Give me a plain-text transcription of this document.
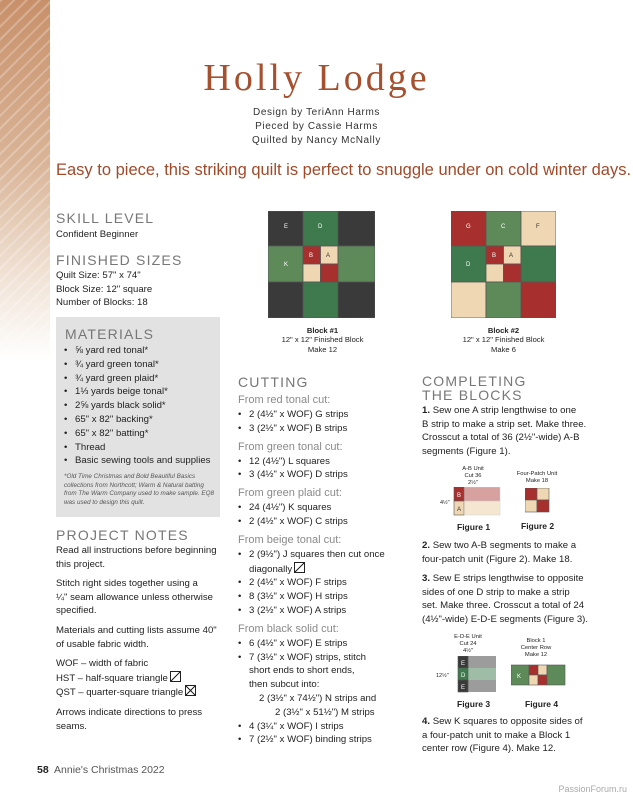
Holly Lodge
Design by TeriAnn Harms
Pieced by Cassie Harms
Quilted by Nancy McNally
Easy to piece, this striking quilt is perfect to snuggle under on cold winter days.
SKILL LEVEL
Confident Beginner
FINISHED SIZES
Quilt Size: 57" x 74"
Block Size: 12" square
Number of Blocks: 18
MATERIALS
• ⅝ yard red tonal*
• ¾ yard green tonal*
• ¾ yard green plaid*
• 1⅓ yards beige tonal*
• 2⅝ yards black solid*
• 65" x 82" backing*
• 65" x 82" batting*
• Thread
• Basic sewing tools and supplies
*Old Time Christmas and Bold Beautiful Basics
collections from Northcott; Warm & Natural batting
from The Warm Company used to make sample. EQ8
was used to design this quilt.
PROJECT NOTES
Read all instructions before beginning
this project.
Stitch right sides together using a
¼" seam allowance unless otherwise
specified.
Materials and cutting lists assume 40"
of usable fabric width.
WOF – width of fabric
HST – half-square triangle
QST – quarter-square triangle
Arrows indicate directions to press
seams.
E	D
K
B A
Block #1
12" x 12" Finished Block
Make 12
G	C	F
D
B A
Block #2
12" x 12" Finished Block
Make 6
CUTTING
From red tonal cut:
• 2 (4½" x WOF) G strips
• 3 (2½" x WOF) B strips
From green tonal cut:
• 12 (4½") L squares
• 3 (4½" x WOF) D strips
From green plaid cut:
• 24 (4½") K squares
• 2 (4½" x WOF) C strips
From beige tonal cut:
• 2 (9½") J squares then cut once
diagonally
• 2 (4½" x WOF) F strips
• 8 (3½" x WOF) H strips
• 3 (2½" x WOF) A strips
From black solid cut:
• 6 (4½" x WOF) E strips
• 7 (3½" x WOF) strips, stitch
short ends to short ends,
then subcut into:
2 (3½" x 74½") N strips and
2 (3½" x 51½") M strips
• 4 (3¼" x WOF) I strips
• 7 (2½" x WOF) binding strips
COMPLETING
THE BLOCKS
1. Sew one A strip lengthwise to one
B strip to make a strip set. Make three.
Crosscut a total of 36 (2½"-wide) A-B
segments (Figure 1).
A-B Unit
Cut 36
2½"
B
A
4½"
Figure 1
Four-Patch Unit
Make 18
Figure 2
2. Sew two A-B segments to make a
four-patch unit (Figure 2). Make 18.
3. Sew E strips lengthwise to opposite
sides of one D strip to make a strip
set. Make three. Crosscut a total of 24
(4½"-wide) E-D-E segments (Figure 3).
E-D-E Unit
Cut 24
4½"
E
D
E
12½"
Figure 3
Block 1
Center Row
Make 12
K
Figure 4
4. Sew K squares to opposite sides of
a four-patch unit to make a Block 1
center row (Figure 4). Make 12.
58 Annie's Christmas 2022
PassionForum.ru
